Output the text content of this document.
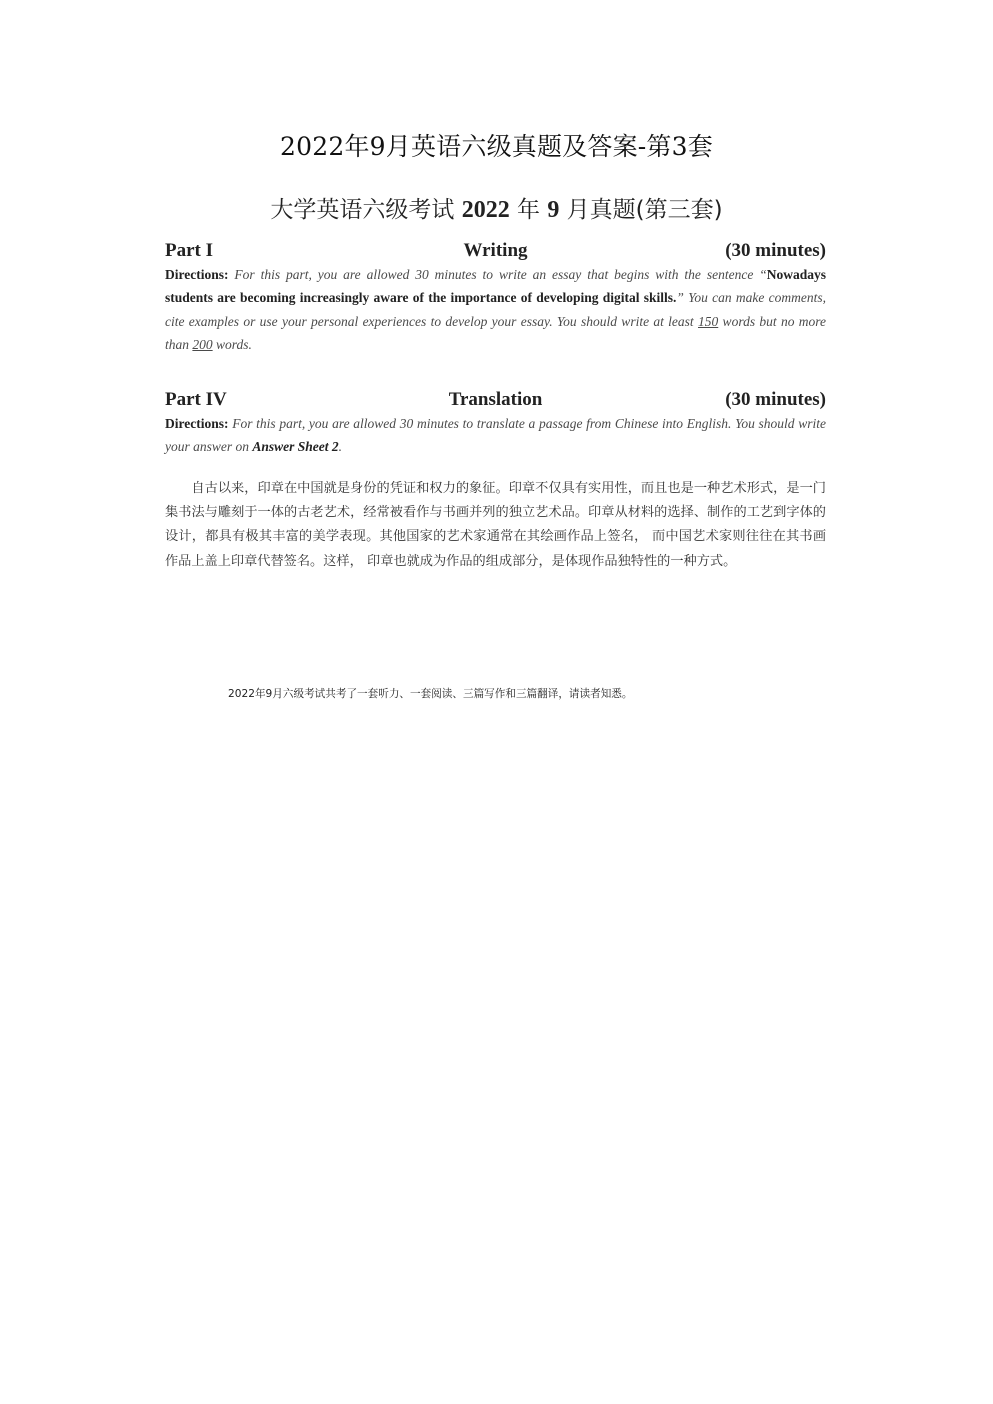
2022年9月英语六级真题及答案-第3套
大学英语六级考试 2022 年 9 月真题(第三套)
Part I	Writing	(30 minutes)
Directions: For this part, you are allowed 30 minutes to write an essay that begins with the sentence “Nowadays students are becoming increasingly aware of the importance of developing digital skills.” You can make comments, cite examples or use your personal experiences to develop your essay. You should write at least 150 words but no more than 200 words.
Part IV	Translation	(30 minutes)
Directions: For this part, you are allowed 30 minutes to translate a passage from Chinese into English. You should write your answer on Answer Sheet 2.
自古以来，印章在中国就是身份的凭证和权力的象征。印章不仅具有实用性，而且也是一种艺术形式，是一门集书法与雕刻于一体的古老艺术，经常被看作与书画并列的独立艺术品。印章从材料的选择、制作的工艺到字体的设计，都具有极其丰富的美学表现。其他国家的艺术家通常在其绘画作品上签名， 而中国艺术家则往往在其书画作品上盖上印章代替签名。这样， 印章也就成为作品的组成部分，是体现作品独特性的一种方式。
2022年9月六级考试共考了一套听力、一套阅读、三篇写作和三篇翻译，请读者知悉。
